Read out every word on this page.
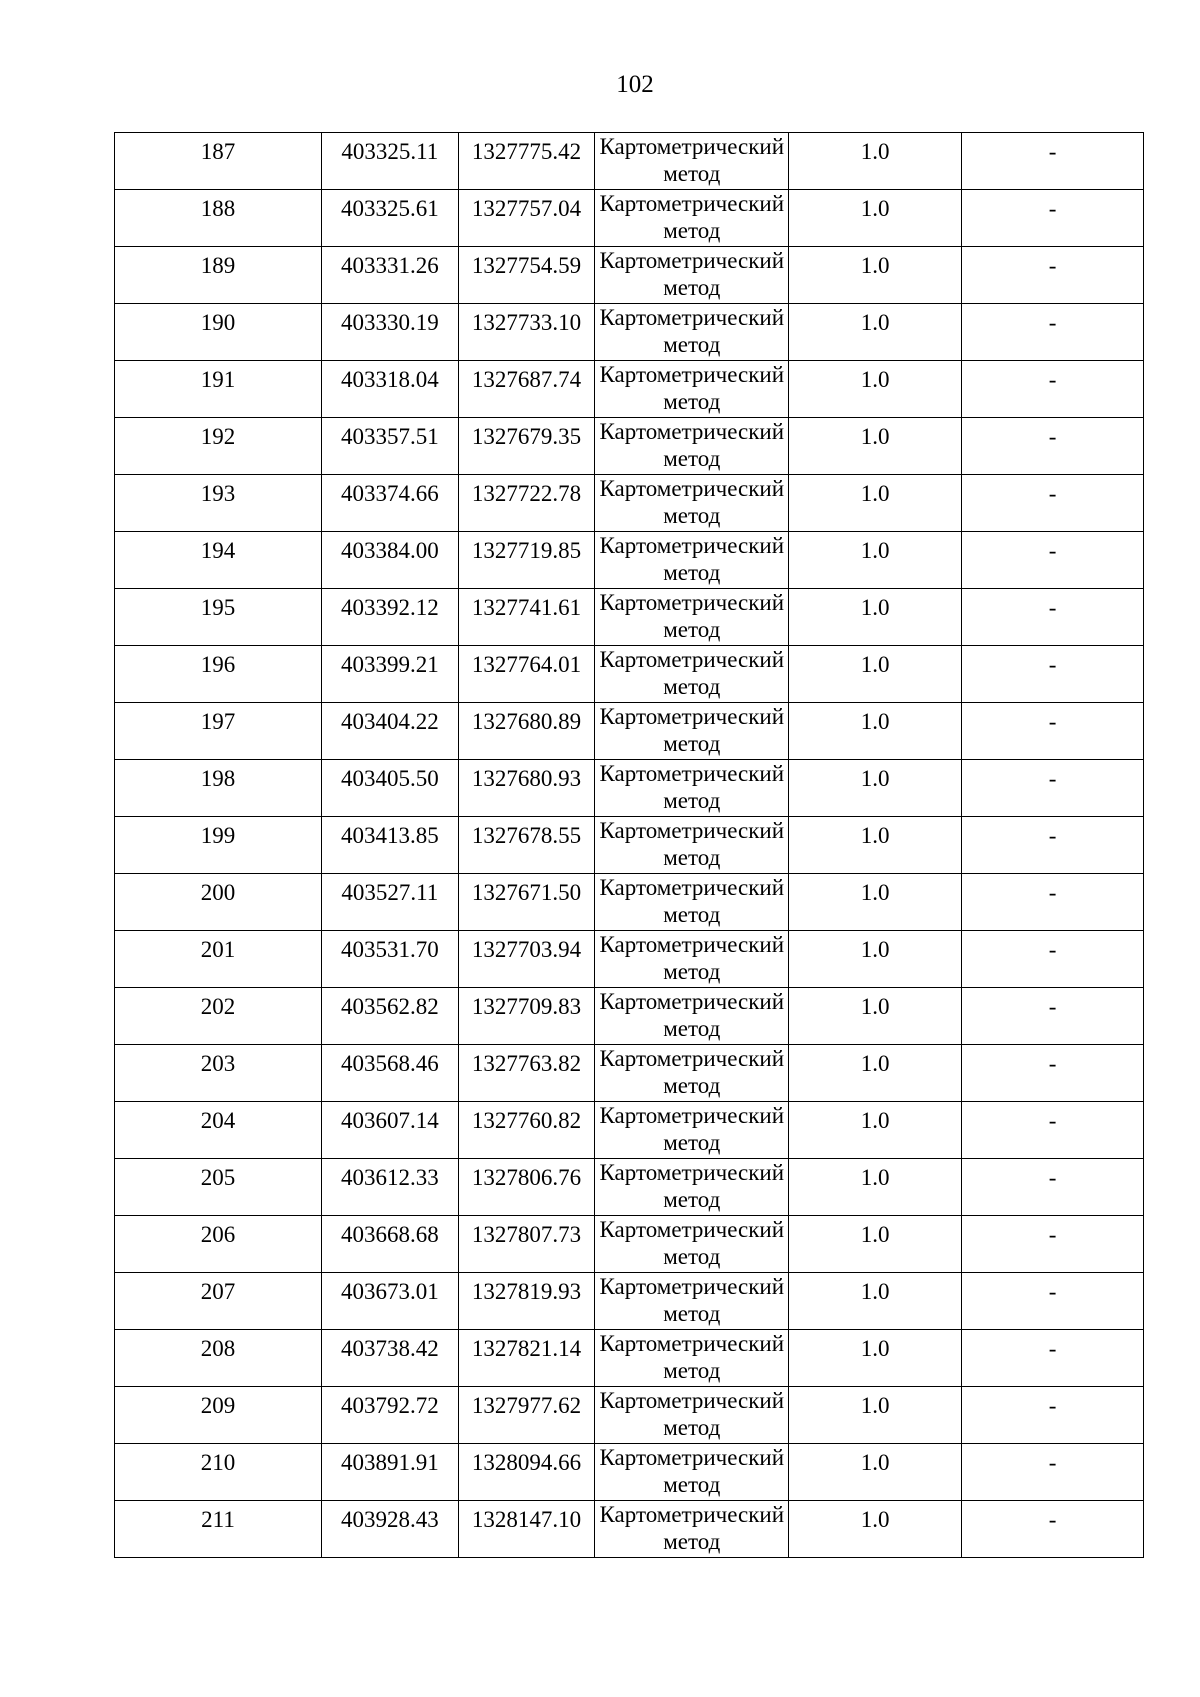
102
187	403325.11	1327775.42	Картометрический метод	1.0	-

188	403325.61	1327757.04	Картометрический метод	1.0	-

189	403331.26	1327754.59	Картометрический метод	1.0	-

190	403330.19	1327733.10	Картометрический метод	1.0	-

191	403318.04	1327687.74	Картометрический метод	1.0	-

192	403357.51	1327679.35	Картометрический метод	1.0	-

193	403374.66	1327722.78	Картометрический метод	1.0	-

194	403384.00	1327719.85	Картометрический метод	1.0	-

195	403392.12	1327741.61	Картометрический метод	1.0	-

196	403399.21	1327764.01	Картометрический метод	1.0	-

197	403404.22	1327680.89	Картометрический метод	1.0	-

198	403405.50	1327680.93	Картометрический метод	1.0	-

199	403413.85	1327678.55	Картометрический метод	1.0	-

200	403527.11	1327671.50	Картометрический метод	1.0	-

201	403531.70	1327703.94	Картометрический метод	1.0	-

202	403562.82	1327709.83	Картометрический метод	1.0	-

203	403568.46	1327763.82	Картометрический метод	1.0	-

204	403607.14	1327760.82	Картометрический метод	1.0	-

205	403612.33	1327806.76	Картометрический метод	1.0	-

206	403668.68	1327807.73	Картометрический метод	1.0	-

207	403673.01	1327819.93	Картометрический метод	1.0	-

208	403738.42	1327821.14	Картометрический метод	1.0	-

209	403792.72	1327977.62	Картометрический метод	1.0	-

210	403891.91	1328094.66	Картометрический метод	1.0	-

211	403928.43	1328147.10	Картометрический метод	1.0	-
